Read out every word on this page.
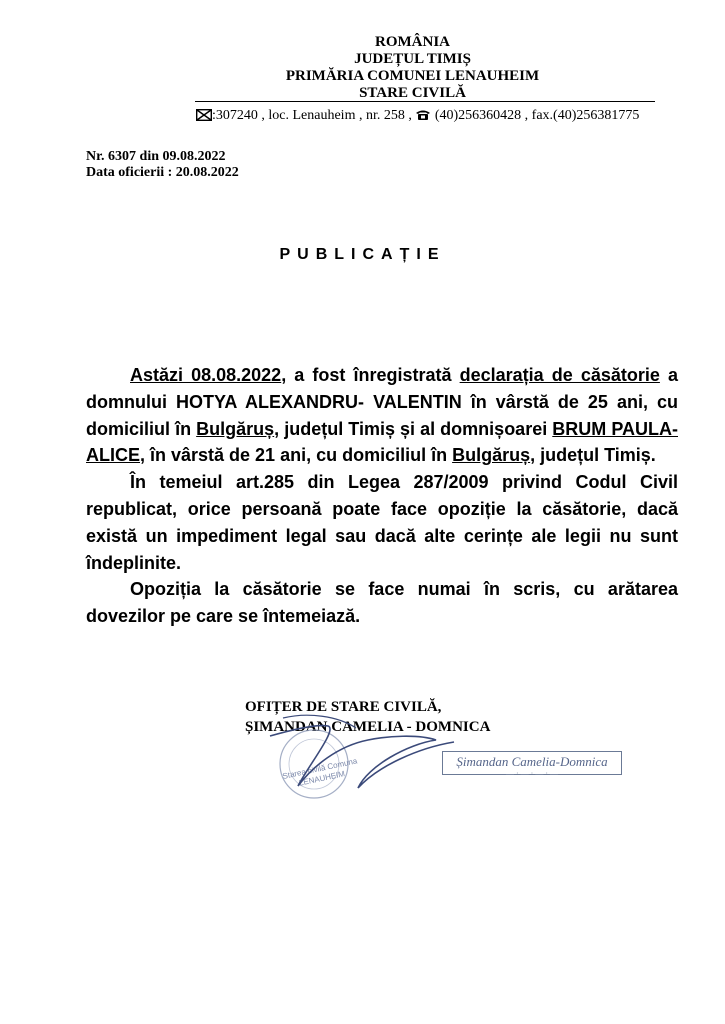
ROMÂNIA
JUDEȚUL TIMIȘ
PRIMĂRIA COMUNEI LENAUHEIM
STARE CIVILĂ
:307240 , loc. Lenauheim , nr. 258 ,  (40)256360428 , fax.(40)256381775
Nr. 6307 din 09.08.2022
Data oficierii : 20.08.2022
PUBLICAȚIE

Astăzi 08.08.2022, a fost înregistrată declarația de căsătorie a domnului HOTYA ALEXANDRU- VALENTIN în vârstă de 25 ani, cu domiciliul în Bulgăruș, județul Timiș și al domnișoarei BRUM PAULA- ALICE, în vârstă de 21 ani, cu domiciliul în Bulgăruș, județul Timiș.

În temeiul art.285 din Legea 287/2009 privind Codul Civil republicat, orice persoană poate face opoziție la căsătorie, dacă există un impediment legal sau dacă alte cerințe ale legii nu sunt îndeplinite.

Opoziția la căsătorie se face numai în scris, cu arătarea dovezilor pe care se întemeiază.

OFIȚER DE STARE CIVILĂ,
ȘIMANDAN CAMELIA - DOMNICA
Starea civilă Comuna LENAUHEIM
Șimandan Camelia-Domnica
— · — · — · —
